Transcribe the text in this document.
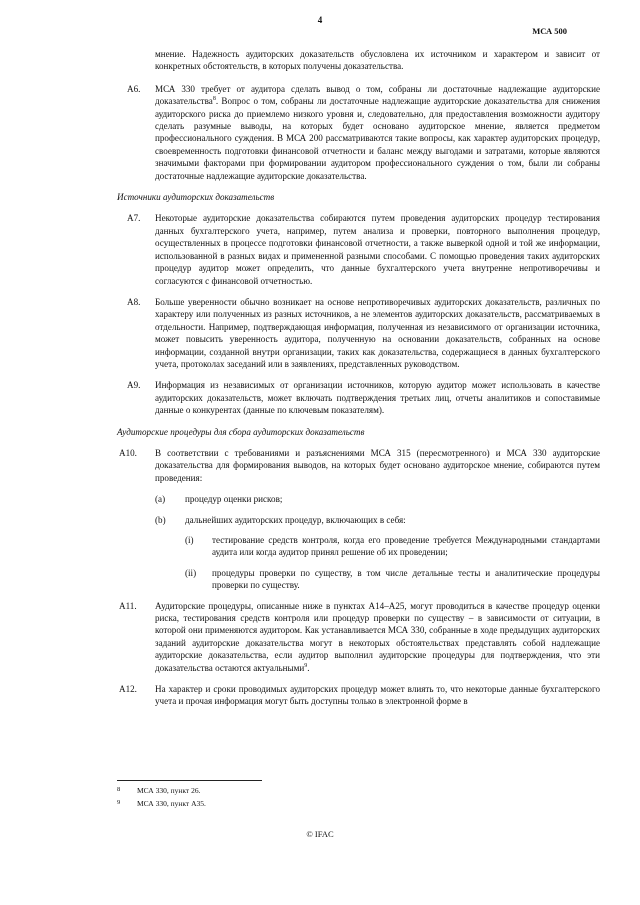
4
МСА 500

мнение. Надежность аудиторских доказательств обусловлена их источником и характером и зависит от конкретных обстоятельств, в которых получены доказательства.

A6. МСА 330 требует от аудитора сделать вывод о том, собраны ли достаточные надлежащие аудиторские доказательства$^8$. Вопрос о том, собраны ли достаточные надлежащие аудиторские доказательства для снижения аудиторского риска до приемлемо низкого уровня и, следовательно, для предоставления возможности аудитору сделать разумные выводы, на которых будет основано аудиторское мнение, является предметом профессионального суждения. В МСА 200 рассматриваются такие вопросы, как характер аудиторских процедур, своевременность подготовки финансовой отчетности и баланс между выгодами и затратами, которые являются значимыми факторами при формировании аудитором профессионального суждения о том, были ли собраны достаточные надлежащие аудиторские доказательства.

Источники аудиторских доказательств

A7. Некоторые аудиторские доказательства собираются путем проведения аудиторских процедур тестирования данных бухгалтерского учета, например, путем анализа и проверки, повторного выполнения процедур, осуществленных в процессе подготовки финансовой отчетности, а также выверкой одной и той же информации, использованной в разных видах и примененной разными способами. С помощью проведения таких аудиторских процедур аудитор может определить, что данные бухгалтерского учета внутренне непротиворечивы и согласуются с финансовой отчетностью.

A8. Больше уверенности обычно возникает на основе непротиворечивых аудиторских доказательств, различных по характеру или полученных из разных источников, а не элементов аудиторских доказательств, рассматриваемых в отдельности. Например, подтверждающая информация, полученная из независимого от организации источника, может повысить уверенность аудитора, полученную на основании доказательств, собранных на основе информации, созданной внутри организации, таких как доказательства, содержащиеся в данных бухгалтерского учета, протоколах заседаний или в заявлениях, представленных руководством.

A9. Информация из независимых от организации источников, которую аудитор может использовать в качестве аудиторских доказательств, может включать подтверждения третьих лиц, отчеты аналитиков и сопоставимые данные о конкурентах (данные по ключевым показателям).

Аудиторские процедуры для сбора аудиторских доказательств

A10. В соответствии с требованиями и разъяснениями МСА 315 (пересмотренного) и МСА 330 аудиторские доказательства для формирования выводов, на которых будет основано аудиторское мнение, собираются путем проведения:

(a) процедур оценки рисков;

(b) дальнейших аудиторских процедур, включающих в себя:

(i) тестирование средств контроля, когда его проведение требуется Международными стандартами аудита или когда аудитор принял решение об их проведении;

(ii) процедуры проверки по существу, в том числе детальные тесты и аналитические процедуры проверки по существу.

A11. Аудиторские процедуры, описанные ниже в пунктах A14–A25, могут проводиться в качестве процедур оценки риска, тестирования средств контроля или процедур проверки по существу – в зависимости от ситуации, в которой они применяются аудитором. Как устанавливается МСА 330, собранные в ходе предыдущих аудиторских заданий аудиторские доказательства могут в некоторых обстоятельствах представлять собой надлежащие аудиторские доказательства, если аудитор выполнил аудиторские процедуры для подтверждения, что эти доказательства остаются актуальными$^9$.

A12. На характер и сроки проводимых аудиторских процедур может влиять то, что некоторые данные бухгалтерского учета и прочая информация могут быть доступны только в электронной форме в

8 МСА 330, пункт 26.
9 МСА 330, пункт A35.
© IFAC
